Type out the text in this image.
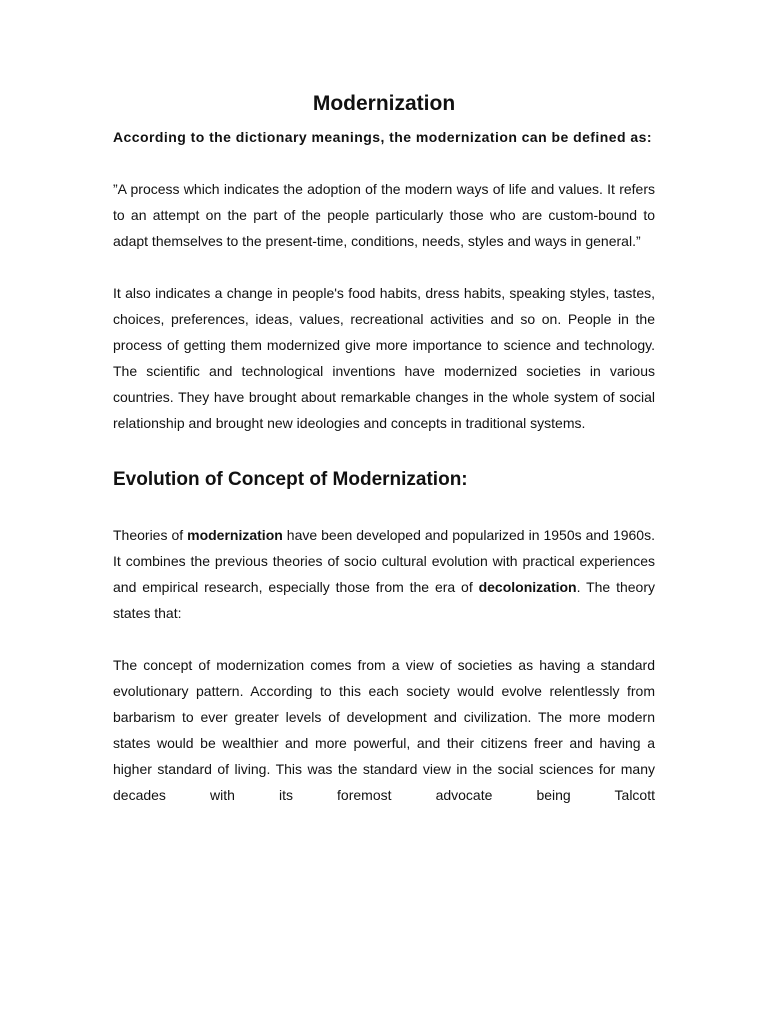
Modernization

According to the dictionary meanings, the modernization can be defined as:

”A process which indicates the adoption of the modern ways of life and values. It refers to an attempt on the part of the people particularly those who are custom-bound to adapt themselves to the present-time, conditions, needs, styles and ways in general.”

It also indicates a change in people's food habits, dress habits, speaking styles, tastes, choices, preferences, ideas, values, recreational activities and so on. People in the process of getting them modernized give more importance to science and technology. The scientific and technological inventions have modernized societies in various countries. They have brought about remarkable changes in the whole system of social relationship and brought new ideologies and concepts in traditional systems.

Evolution of Concept of Modernization:

Theories of modernization have been developed and popularized in 1950s and 1960s. It combines the previous theories of socio cultural evolution with practical experiences and empirical research, especially those from the era of decolonization. The theory states that:

The concept of modernization comes from a view of societies as having a standard evolutionary pattern. According to this each society would evolve relentlessly from barbarism to ever greater levels of development and civilization. The more modern states would be wealthier and more powerful, and their citizens freer and having a higher standard of living. This was the standard view in the social sciences for many decades with its foremost advocate being Talcott
